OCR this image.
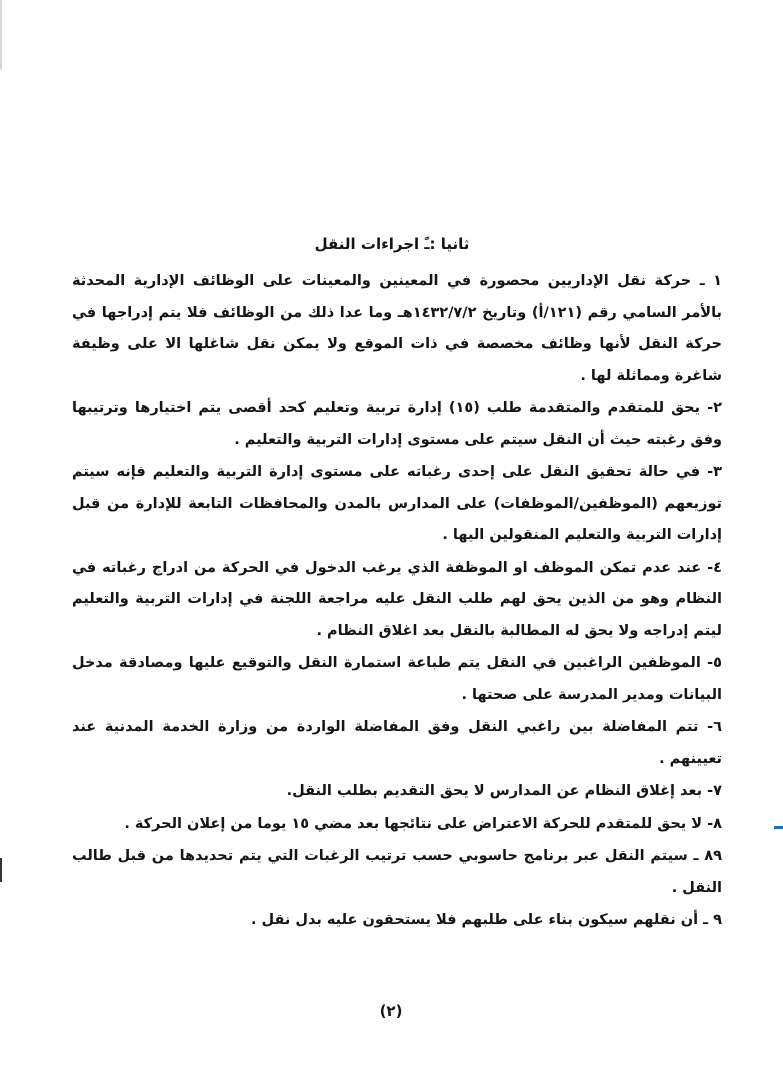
ثانيا :ـً اجراءات النقل

١ ـ حركة نقل الإداريين محصورة في المعينين والمعينات على الوظائف الإدارية المحدثة بالأمر السامي رقم (١٢١/أ) وتاريخ ١٤٣٢/٧/٢هـ وما عدا ذلك من الوظائف فلا يتم إدراجها في حركة النقل لأنها وظائف مخصصة في ذات الموقع ولا يمكن نقل شاغلها الا على وظيفة شاغرة ومماثلة لها .

٢- يحق للمتقدم والمتقدمة طلب (١٥) إدارة تربية وتعليم كحد أقصى يتم اختيارها وترتيبها وفق رغبته حيث أن النقل سيتم على مستوى إدارات التربية والتعليم .

٣- في حالة تحقيق النقل على إحدى رغباته على مستوى إدارة التربية والتعليم فإنه سيتم توزيعهم (الموظفين/الموظفات) على المدارس بالمدن والمحافظات التابعة للإدارة من قبل إدارات التربية والتعليم المنقولين اليها .

٤- عند عدم تمكن الموظف او الموظفة الذي يرغب الدخول في الحركة من ادراج رغباته في النظام وهو من الذين يحق لهم طلب النقل عليه مراجعة اللجنة في إدارات التربية والتعليم ليتم إدراجه ولا يحق له المطالبة بالنقل بعد اغلاق النظام .

٥- الموظفين الراغبين في النقل يتم طباعة استمارة النقل والتوقيع عليها ومصادقة مدخل البيانات ومدير المدرسة على صحتها .

٦- تتم المفاضلة بين راغبي النقل وفق المفاضلة الواردة من وزارة الخدمة المدنية عند تعيينهم .

٧- بعد إغلاق النظام عن المدارس لا يحق التقديم بطلب النقل.

٨- لا يحق للمتقدم للحركة الاعتراض على نتائجها بعد مضي ١٥ يوما من إعلان الحركة .

٨٩ ـ سيتم النقل عبر برنامج حاسوبي حسب ترتيب الرغبات التي يتم تحديدها من قبل طالب النقل .

٩ ـ أن نقلهم سيكون بناء على طلبهم فلا يستحقون عليه بدل نقل .

(٢)
